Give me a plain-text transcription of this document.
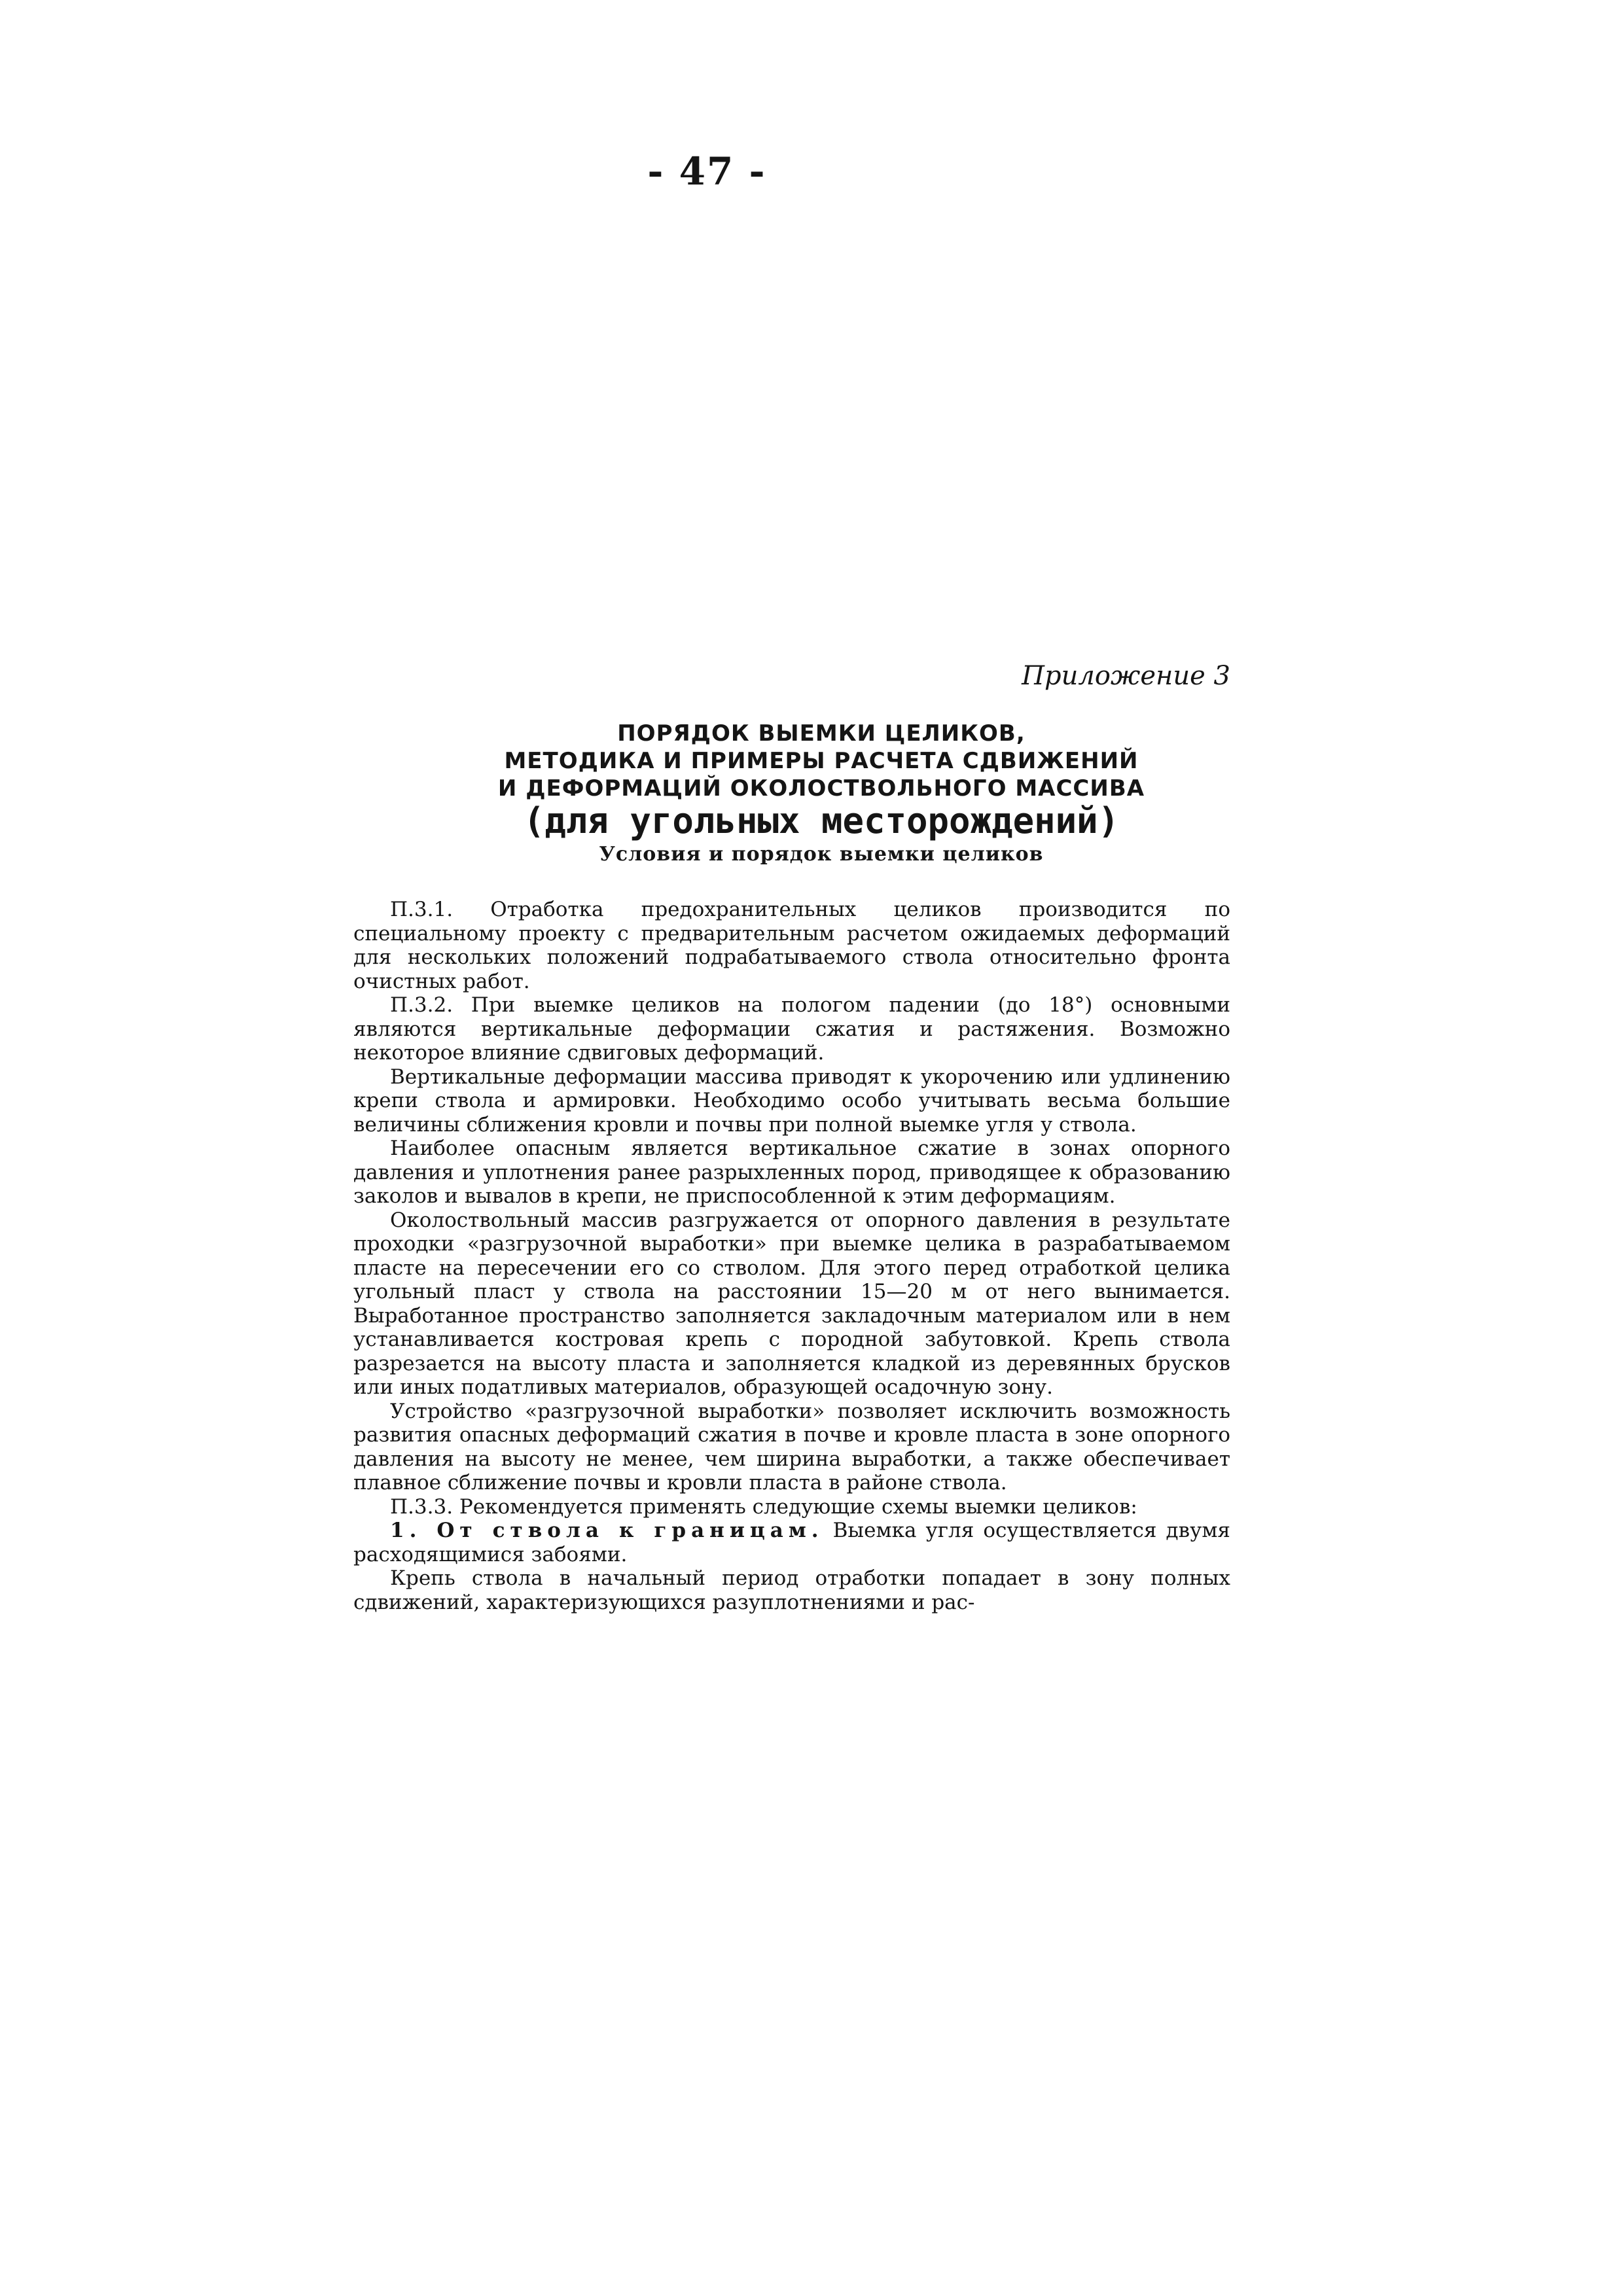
- 47 -
Приложение 3
ПОРЯДОК ВЫЕМКИ ЦЕЛИКОВ,
МЕТОДИКА И ПРИМЕРЫ РАСЧЕТА СДВИЖЕНИЙ
И ДЕФОРМАЦИЙ ОКОЛОСТВОЛЬНОГО МАССИВА
(для угольных месторождений)
Условия и порядок выемки целиков

П.3.1. Отработка предохранительных целиков производится по специальному проекту с предварительным расчетом ожидаемых деформаций для нескольких положений подрабатываемого ствола относительно фронта очистных работ.

П.3.2. При выемке целиков на пологом падении (до 18°) основными являются вертикальные деформации сжатия и растяжения. Возможно некоторое влияние сдвиговых деформаций.

Вертикальные деформации массива приводят к укорочению или удлинению крепи ствола и армировки. Необходимо особо учитывать весьма большие величины сближения кровли и почвы при полной выемке угля у ствола.

Наиболее опасным является вертикальное сжатие в зонах опорного давления и уплотнения ранее разрыхленных пород, приводящее к образованию заколов и вывалов в крепи, не приспособленной к этим деформациям.

Околоствольный массив разгружается от опорного давления в результате проходки «разгрузочной выработки» при выемке целика в разрабатываемом пласте на пересечении его со стволом. Для этого перед отработкой целика угольный пласт у ствола на расстоянии 15—20 м от него вынимается. Выработанное пространство заполняется закладочным материалом или в нем устанавливается костровая крепь с породной забутовкой. Крепь ствола разрезается на высоту пласта и заполняется кладкой из деревянных брусков или иных податливых материалов, образующей осадочную зону.

Устройство «разгрузочной выработки» позволяет исключить возможность развития опасных деформаций сжатия в почве и кровле пласта в зоне опорного давления на высоту не менее, чем ширина выработки, а также обеспечивает плавное сближение почвы и кровли пласта в районе ствола.

П.3.3. Рекомендуется применять следующие схемы выемки целиков:

1. От ствола к границам. Выемка угля осуществляется двумя расходящимися забоями.

Крепь ствола в начальный период отработки попадает в зону полных сдвижений, характеризующихся разуплотнениями и рас-
